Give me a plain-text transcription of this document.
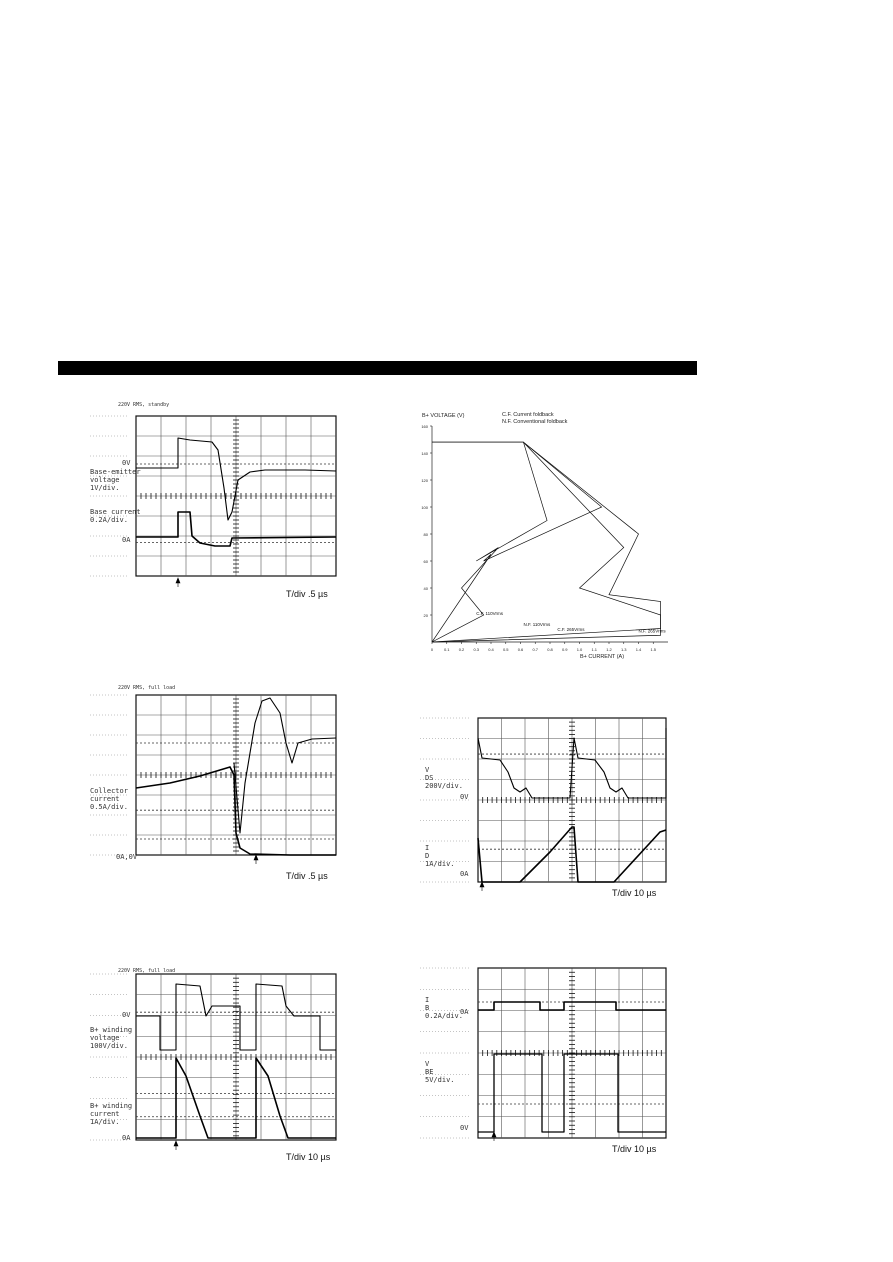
220V RMS, standby
0V
Base-emitter
voltage
1V/div.
Base current
0.2A/div.
0A
T/div .5 µs
220V RMS, full load
Collector
current
0.5A/div.
0A,0V
T/div .5 µs
220V RMS, full load
0V
B+ winding
voltage
100V/div.
B+ winding
current
1A/div.
0A
T/div 10 µs
V
DS
200V/div.
0V
I
D
1A/div.
0A
T/div 10 µs
I
B
0.2A/div.
0A
V
BE
5V/div.
0V
T/div 10 µs
B+ VOLTAGE (V)	C.F. Current foldback
N.F. Conventional foldback
20
40
60
80
100
120
140
160
0	0.1 0.2 0.3 0.4 0.5 0.6 0.7 0.8 0.9 1.0 1.1 1.2 1.3 1.4 1.5
C.F. 110Vrms
N.F. 110Vrms
C.F. 265Vrms	N.F. 265Vrms
B+ CURRENT (A)
